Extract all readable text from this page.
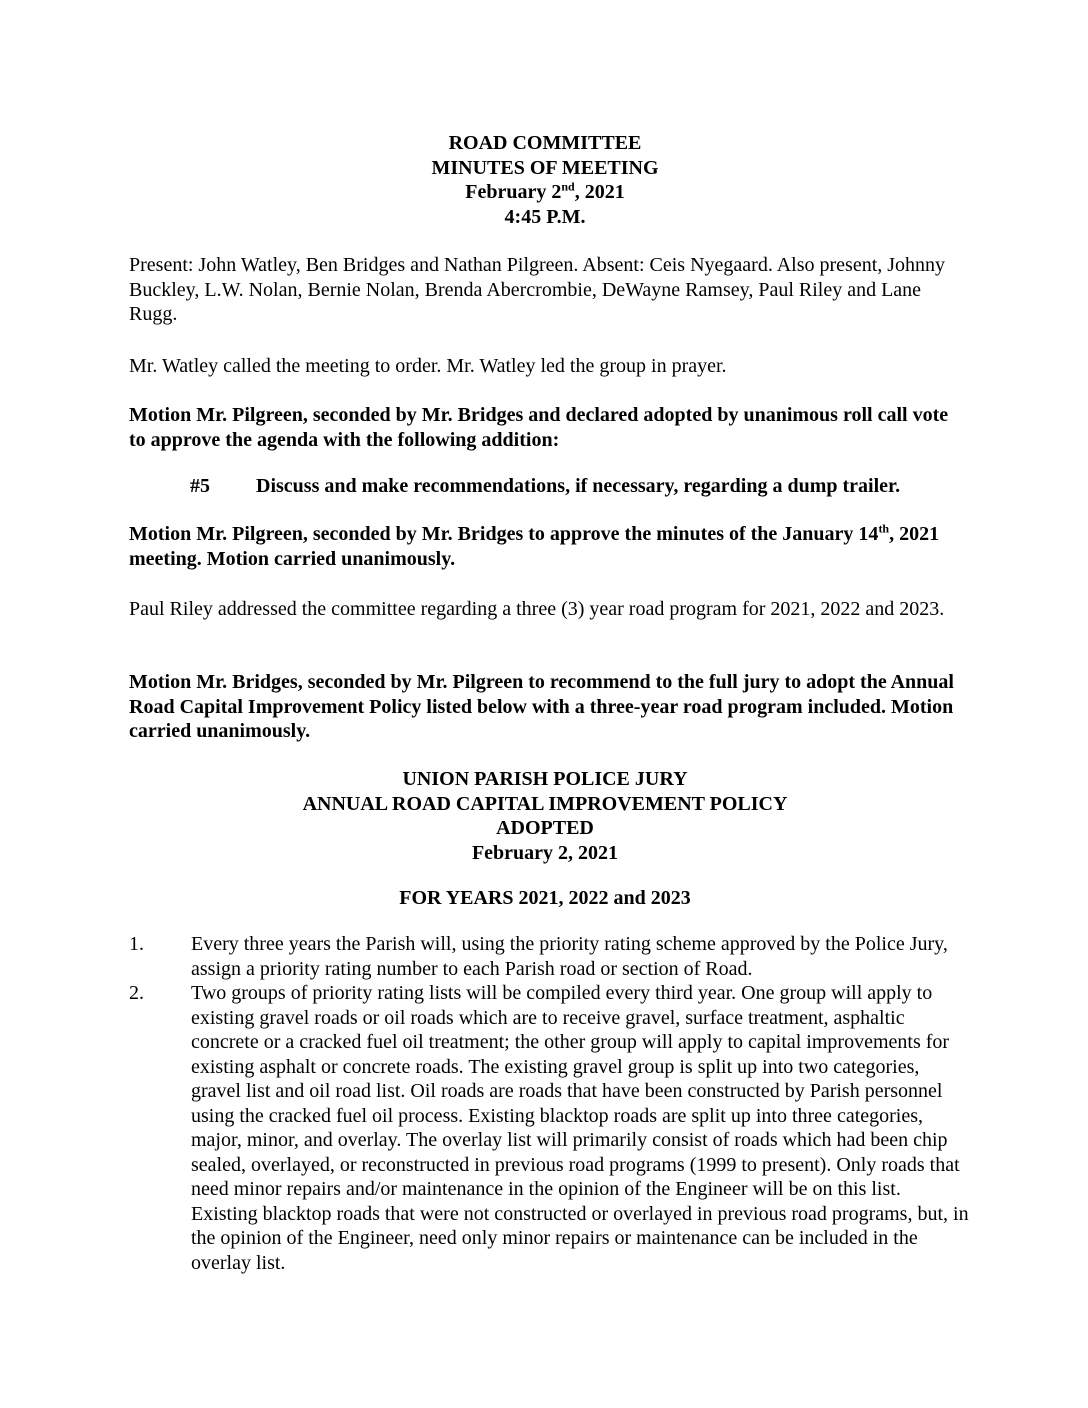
ROAD COMMITTEE
MINUTES OF MEETING
February 2nd, 2021
4:45 P.M.

Present: John Watley, Ben Bridges and Nathan Pilgreen. Absent: Ceis Nyegaard. Also present, Johnny Buckley, L.W. Nolan, Bernie Nolan, Brenda Abercrombie, DeWayne Ramsey, Paul Riley and Lane Rugg.

Mr. Watley called the meeting to order. Mr. Watley led the group in prayer.

Motion Mr. Pilgreen, seconded by Mr. Bridges and declared adopted by unanimous roll call vote to approve the agenda with the following addition:

#5 Discuss and make recommendations, if necessary, regarding a dump trailer.

Motion Mr. Pilgreen, seconded by Mr. Bridges to approve the minutes of the January 14th, 2021 meeting. Motion carried unanimously.

Paul Riley addressed the committee regarding a three (3) year road program for 2021, 2022 and 2023.

Motion Mr. Bridges, seconded by Mr. Pilgreen to recommend to the full jury to adopt the Annual Road Capital Improvement Policy listed below with a three-year road program included. Motion carried unanimously.

UNION PARISH POLICE JURY
ANNUAL ROAD CAPITAL IMPROVEMENT POLICY
ADOPTED
February 2, 2021
FOR YEARS 2021, 2022 and 2023
1. Every three years the Parish will, using the priority rating scheme approved by the Police Jury, assign a priority rating number to each Parish road or section of Road.
2. Two groups of priority rating lists will be compiled every third year. One group will apply to existing gravel roads or oil roads which are to receive gravel, surface treatment, asphaltic concrete or a cracked fuel oil treatment; the other group will apply to capital improvements for existing asphalt or concrete roads. The existing gravel group is split up into two categories, gravel list and oil road list. Oil roads are roads that have been constructed by Parish personnel using the cracked fuel oil process. Existing blacktop roads are split up into three categories, major, minor, and overlay. The overlay list will primarily consist of roads which had been chip sealed, overlayed, or reconstructed in previous road programs (1999 to present). Only roads that need minor repairs and/or maintenance in the opinion of the Engineer will be on this list. Existing blacktop roads that were not constructed or overlayed in previous road programs, but, in the opinion of the Engineer, need only minor repairs or maintenance can be included in the overlay list.
